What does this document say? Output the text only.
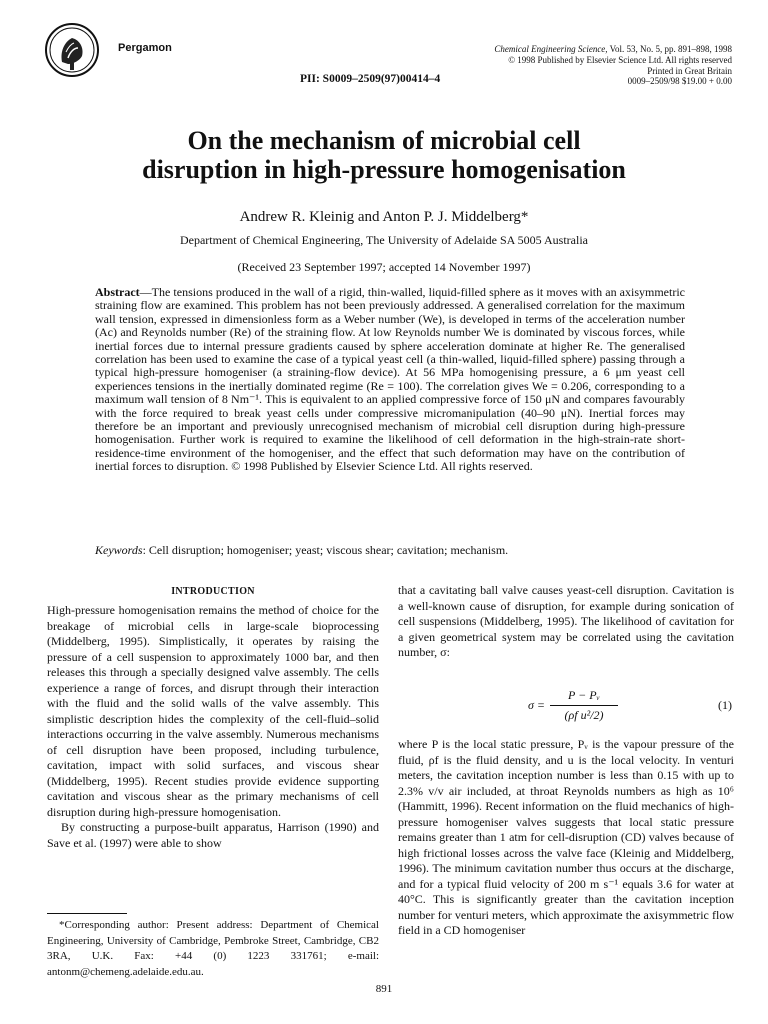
Pergamon
PII: S0009–2509(97)00414–4
Chemical Engineering Science, Vol. 53, No. 5, pp. 891–898, 1998
© 1998 Published by Elsevier Science Ltd. All rights reserved
Printed in Great Britain
0009–2509/98 $19.00 + 0.00
On the mechanism of microbial cell
disruption in high-pressure homogenisation
Andrew R. Kleinig and Anton P. J. Middelberg*
Department of Chemical Engineering, The University of Adelaide SA 5005 Australia
(Received 23 September 1997; accepted 14 November 1997)
Abstract—The tensions produced in the wall of a rigid, thin-walled, liquid-filled sphere as it moves with an axisymmetric straining flow are examined. This problem has not been previously addressed. A generalised correlation for the maximum wall tension, expressed in dimensionless form as a Weber number (We), is developed in terms of the acceleration number (Ac) and Reynolds number (Re) of the straining flow. At low Reynolds number We is dominated by viscous forces, while inertial forces due to internal pressure gradients caused by sphere acceleration dominate at higher Re. The generalised correlation has been used to examine the case of a typical yeast cell (a thin-walled, liquid-filled sphere) passing through a typical high-pressure homogeniser (a straining-flow device). At 56 MPa homogenising pressure, a 6 μm yeast cell experiences tensions in the inertially dominated regime (Re = 100). The correlation gives We = 0.206, corresponding to a maximum wall tension of 8 Nm⁻¹. This is equivalent to an applied compressive force of 150 μN and compares favourably with the force required to break yeast cells under compressive micromanipulation (40–90 μN). Inertial forces may therefore be an important and previously unrecognised mechanism of microbial cell disruption during high-pressure homogenisation. Further work is required to examine the likelihood of cell deformation in the high-strain-rate short-residence-time environment of the homogeniser, and the effect that such deformation may have on the contribution of inertial forces to disruption. © 1998 Published by Elsevier Science Ltd. All rights reserved.
Keywords: Cell disruption; homogeniser; yeast; viscous shear; cavitation; mechanism.
INTRODUCTION

High-pressure homogenisation remains the method of choice for the breakage of microbial cells in large-scale bioprocessing (Middelberg, 1995). Simplistically, it operates by raising the pressure of a cell suspension to approximately 1000 bar, and then releases this through a specially designed valve assembly. The cells experience a range of forces, and disrupt through their interaction with the fluid and the solid walls of the valve assembly. This simplistic description hides the complexity of the cell-fluid–solid interactions occurring in the valve assembly. Numerous mechanisms of cell disruption have been proposed, including turbulence, cavitation, impact with solid surfaces, and viscous shear (Middelberg, 1995). Recent studies provide evidence supporting cavitation and viscous shear as the primary mechanisms of cell disruption during high-pressure homogenisation.

By constructing a purpose-built apparatus, Harrison (1990) and Save et al. (1997) were able to show

that a cavitating ball valve causes yeast-cell disruption. Cavitation is a well-known cause of disruption, for example during sonication of cell suspensions (Middelberg, 1995). The likelihood of cavitation for a given geometrical system may be correlated using the cavitation number, σ:

$\sigma = \frac{\text{P − Pᵥ}}{\text{(ρf u²/2)}}$	(1)

where P is the local static pressure, Pᵥ is the vapour pressure of the fluid, ρf is the fluid density, and u is the local velocity. In venturi meters, the cavitation inception number is less than 0.15 with up to 2.3% v/v air included, at throat Reynolds numbers as high as 10⁶ (Hammitt, 1996). Recent information on the fluid mechanics of high-pressure homogeniser valves suggests that local static pressure remains greater than 1 atm for cell-disruption (CD) valves because of high frictional losses across the valve face (Kleinig and Middelberg, 1996). The minimum cavitation number thus occurs at the discharge, and for a typical fluid velocity of 200 m s⁻¹ equals 3.6 for water at 40°C. This is significantly greater than the cavitation inception number for venturi meters, which approximate the axisymmetric flow field in a CD homogeniser

*Corresponding author: Present address: Department of Chemical Engineering, University of Cambridge, Pembroke Street, Cambridge, CB2 3RA, U.K. Fax: +44 (0) 1223 331761; e-mail: antonm@chemeng.adelaide.edu.au.
891
